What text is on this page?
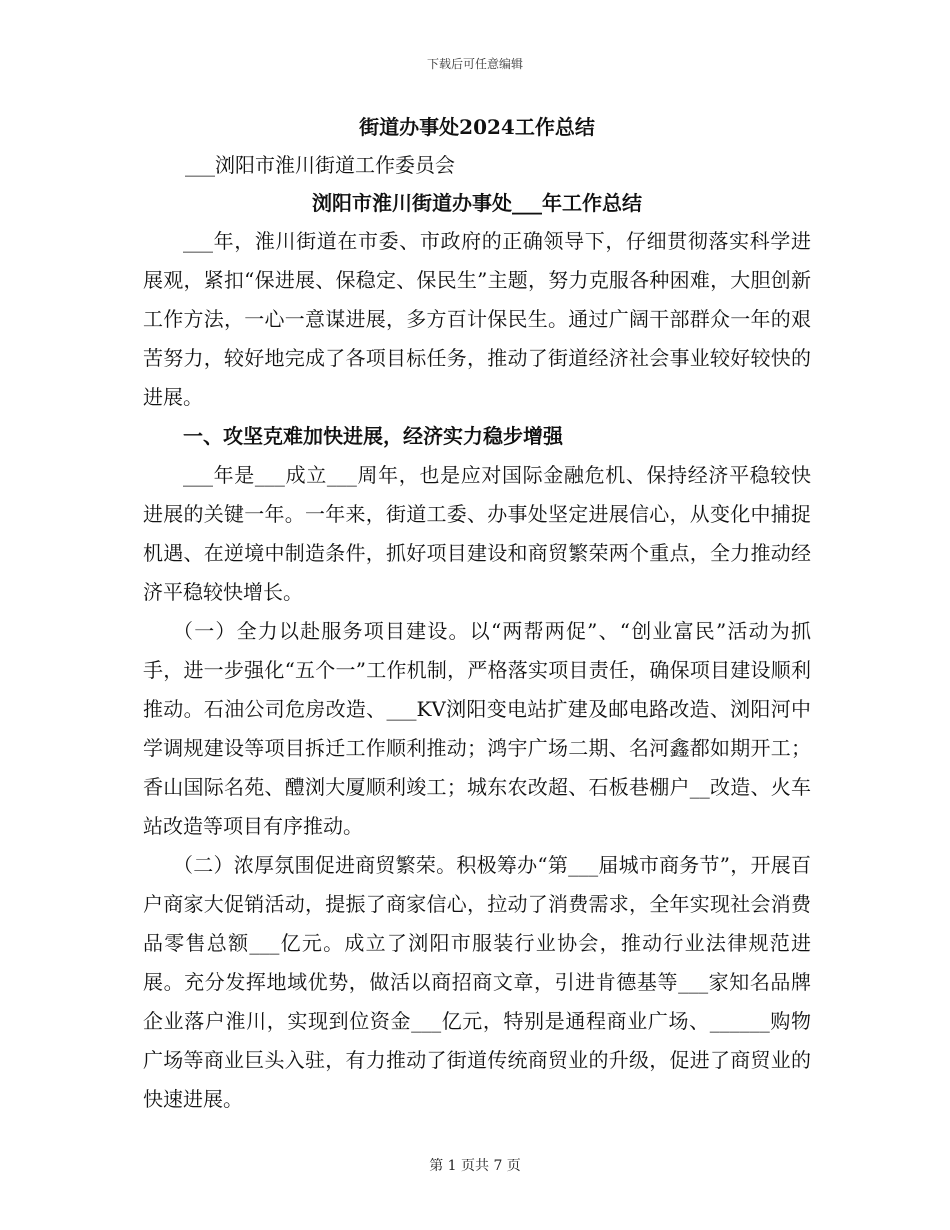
下载后可任意编辑
街道办事处2024工作总结
___浏阳市淮川街道工作委员会
浏阳市淮川街道办事处___年工作总结

___年，淮川街道在市委、市政府的正确领导下，仔细贯彻落实科学进展观，紧扣“保进展、保稳定、保民生”主题，努力克服各种困难，大胆创新工作方法，一心一意谋进展，多方百计保民生。通过广阔干部群众一年的艰苦努力，较好地完成了各项目标任务，推动了街道经济社会事业较好较快的进展。

一、攻坚克难加快进展，经济实力稳步增强

___年是___成立___周年，也是应对国际金融危机、保持经济平稳较快进展的关键一年。一年来，街道工委、办事处坚定进展信心，从变化中捕捉机遇、在逆境中制造条件，抓好项目建设和商贸繁荣两个重点，全力推动经济平稳较快增长。

（一）全力以赴服务项目建设。以“两帮两促”、“创业富民”活动为抓手，进一步强化“五个一”工作机制，严格落实项目责任，确保项目建设顺利推动。石油公司危房改造、___KV浏阳变电站扩建及邮电路改造、浏阳河中学调规建设等项目拆迁工作顺利推动；鸿宇广场二期、名河鑫都如期开工；香山国际名苑、醴浏大厦顺利竣工；城东农改超、石板巷棚户__改造、火车站改造等项目有序推动。

（二）浓厚氛围促进商贸繁荣。积极筹办“第___届城市商务节”，开展百户商家大促销活动，提振了商家信心，拉动了消费需求，全年实现社会消费品零售总额___亿元。成立了浏阳市服装行业协会，推动行业法律规范进展。充分发挥地域优势，做活以商招商文章，引进肯德基等___家知名品牌企业落户淮川，实现到位资金___亿元，特别是通程商业广场、______购物广场等商业巨头入驻，有力推动了街道传统商贸业的升级，促进了商贸业的快速进展。

第 1 页共 7 页
